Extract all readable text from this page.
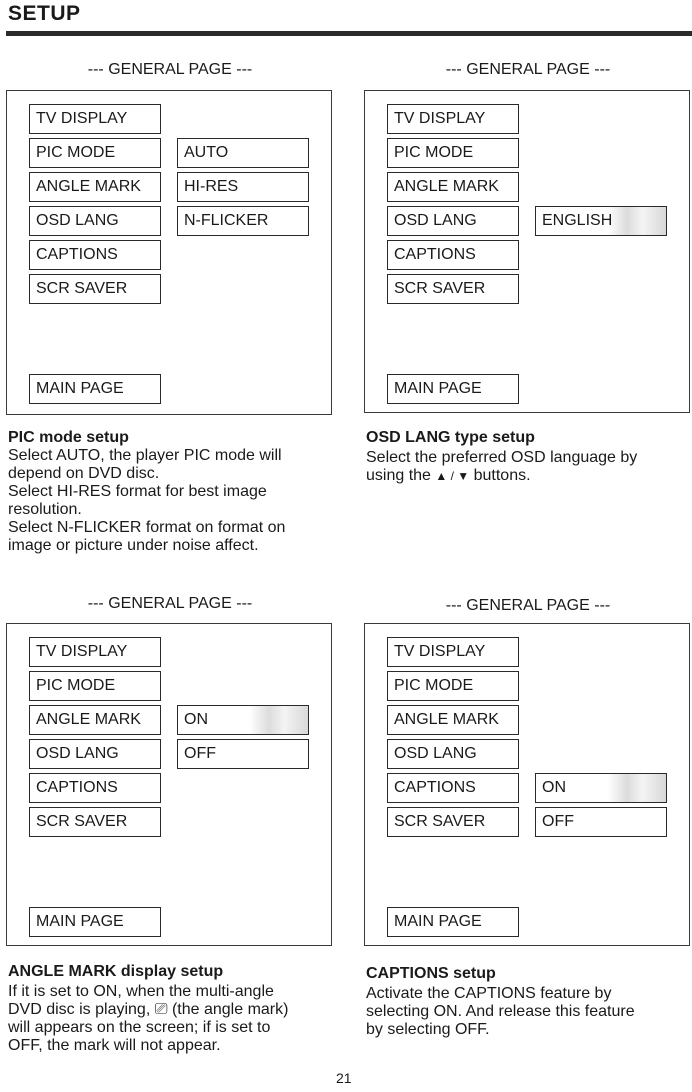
SETUP
--- GENERAL PAGE ---
TV DISPLAY
PIC MODE
ANGLE MARK
OSD LANG
CAPTIONS
SCR SAVER
MAIN PAGE
AUTO
HI-RES
N-FLICKER
PIC mode setup
Select AUTO, the player PIC mode will
depend on DVD disc.
Select HI-RES format for best image
resolution.
Select N-FLICKER format on format on
image or picture under noise affect.
--- GENERAL PAGE ---
TV DISPLAY
PIC MODE
ANGLE MARK
OSD LANG
CAPTIONS
SCR SAVER
MAIN PAGE
ENGLISH
OSD LANG type setup
Select the preferred OSD language by
using the ▲ / ▼ buttons.
--- GENERAL PAGE ---
TV DISPLAY
PIC MODE
ANGLE MARK
OSD LANG
CAPTIONS
SCR SAVER
MAIN PAGE
ON
OFF
ANGLE MARK display setup
If it is set to ON, when the multi-angle
DVD disc is playing, ⎚ (the angle mark)
will appears on the screen; if is set to
OFF, the mark will not appear.
--- GENERAL PAGE ---
TV DISPLAY
PIC MODE
ANGLE MARK
OSD LANG
CAPTIONS
SCR SAVER
MAIN PAGE
ON
OFF
CAPTIONS setup
Activate the CAPTIONS feature by
selecting ON. And release this feature
by selecting OFF.
21
